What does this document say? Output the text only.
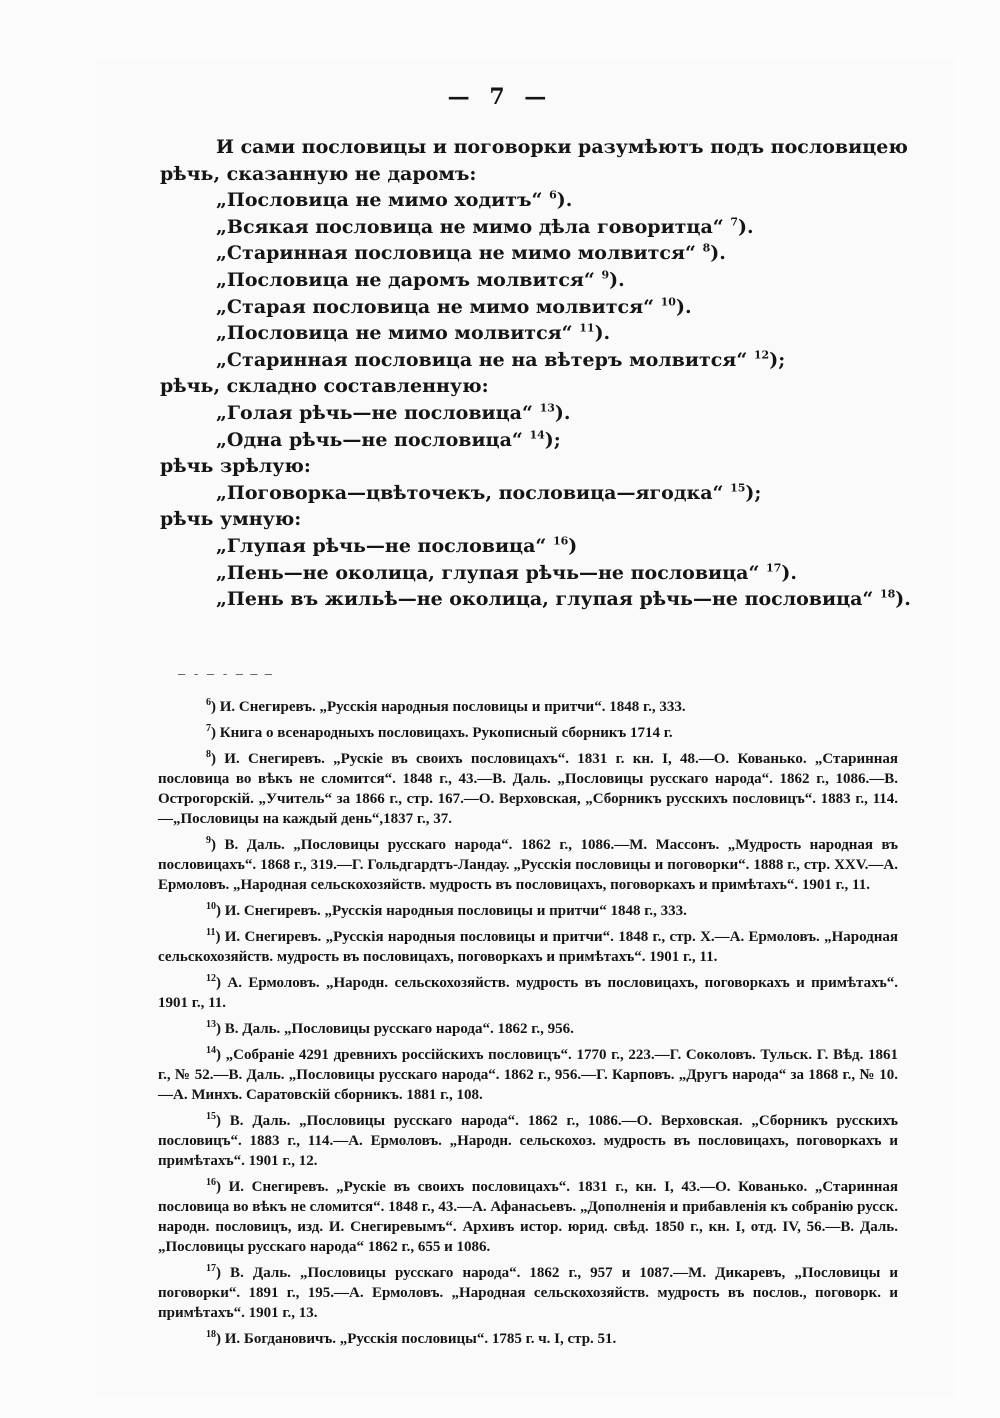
— 7 —

И сами пословицы и поговорки разумѣютъ подъ пословицею

рѣчь, сказанную не даромъ:

„Пословица не мимо ходитъ“ $^6$).

„Всякая пословица не мимо дѣла говоритца“ $^7$).

„Старинная пословица не мимо молвится“ $^8$).

„Пословица не даромъ молвится“ $^9$).

„Старая пословица не мимо молвится“ $^{10}$).

„Пословица не мимо молвится“ $^{11}$).

„Старинная пословица не на вѣтеръ молвится“ $^{12}$);

рѣчь, складно составленную:

„Голая рѣчь—не пословица“ $^{13}$).

„Одна рѣчь—не пословица“ $^{14}$);

рѣчь зрѣлую:

„Поговорка—цвѣточекъ, пословица—ягодка“ $^{15}$);

рѣчь умную:

„Глупая рѣчь—не пословица“ $^{16}$)

„Пень—не околица, глупая рѣчь—не пословица“ $^{17}$).

„Пень въ жильѣ—не околица, глупая рѣчь—не пословица“ $^{18}$).

— - — - — — —

$^6$) И. Снегиревъ. „Русскія народныя пословицы и притчи“. 1848 г., 333.

$^7$) Книга о всенародныхъ пословицахъ. Рукописный сборникъ 1714 г.

$^8$) И. Снегиревъ. „Рускіе въ своихъ пословицахъ“. 1831 г. кн. I, 48.—О. Кованько. „Старинная пословица во вѣкъ не сломится“. 1848 г., 43.—В. Даль. „Пословицы русскаго народа“. 1862 г., 1086.—В. Острогорскій. „Учитель“ за 1866 г., стр. 167.—О. Верховская, „Сборникъ русскихъ пословицъ“. 1883 г., 114.—„Пословицы на каждый день“,1837 г., 37.

$^9$) В. Даль. „Пословицы русскаго народа“. 1862 г., 1086.—М. Массонъ. „Мудрость народная въ пословицахъ“. 1868 г., 319.—Г. Гольдгардтъ-Ландау. „Русскія пословицы и поговорки“. 1888 г., стр. XXV.—А. Ермоловъ. „Народная сельскохозяйств. мудрость въ пословицахъ, поговоркахъ и примѣтахъ“. 1901 г., 11.

$^{10}$) И. Снегиревъ. „Русскія народныя пословицы и притчи“ 1848 г., 333.

$^{11}$) И. Снегиревъ. „Русскія народныя пословицы и притчи“. 1848 г., стр. X.—А. Ермоловъ. „Народная сельскохозяйств. мудрость въ пословицахъ, поговоркахъ и примѣтахъ“. 1901 г., 11.

$^{12}$) А. Ермоловъ. „Народн. сельскохозяйств. мудрость въ пословицахъ, поговоркахъ и примѣтахъ“. 1901 г., 11.

$^{13}$) В. Даль. „Пословицы русскаго народа“. 1862 г., 956.

$^{14}$) „Собраніе 4291 древнихъ россійскихъ пословицъ“. 1770 г., 223.—Г. Соколовъ. Тульск. Г. Вѣд. 1861 г., № 52.—В. Даль. „Пословицы русскаго народа“. 1862 г., 956.—Г. Карповъ. „Другъ народа“ за 1868 г., № 10.—А. Минхъ. Саратовскій сборникъ. 1881 г., 108.

$^{15}$) В. Даль. „Пословицы русскаго народа“. 1862 г., 1086.—О. Верховская. „Сборникъ русскихъ пословицъ“. 1883 г., 114.—А. Ермоловъ. „Народн. сельскохоз. мудрость въ пословицахъ, поговоркахъ и примѣтахъ“. 1901 г., 12.

$^{16}$) И. Снегиревъ. „Рускіе въ своихъ пословицахъ“. 1831 г., кн. I, 43.—О. Кованько. „Старинная пословица во вѣкъ не сломится“. 1848 г., 43.—А. Афанасьевъ. „Дополненія и прибавленія къ собранію русск. народн. пословицъ, изд. И. Снегиревымъ“. Архивъ истор. юрид. свѣд. 1850 г., кн. I, отд. IV, 56.—В. Даль. „Пословицы русскаго народа“ 1862 г., 655 и 1086.

$^{17}$) В. Даль. „Пословицы русскаго народа“. 1862 г., 957 и 1087.—М. Дикаревъ, „Пословицы и поговорки“. 1891 г., 195.—А. Ермоловъ. „Народная сельскохозяйств. мудрость въ послов., поговорк. и примѣтахъ“. 1901 г., 13.

$^{18}$) И. Богдановичъ. „Русскія пословицы“. 1785 г. ч. I, стр. 51.
